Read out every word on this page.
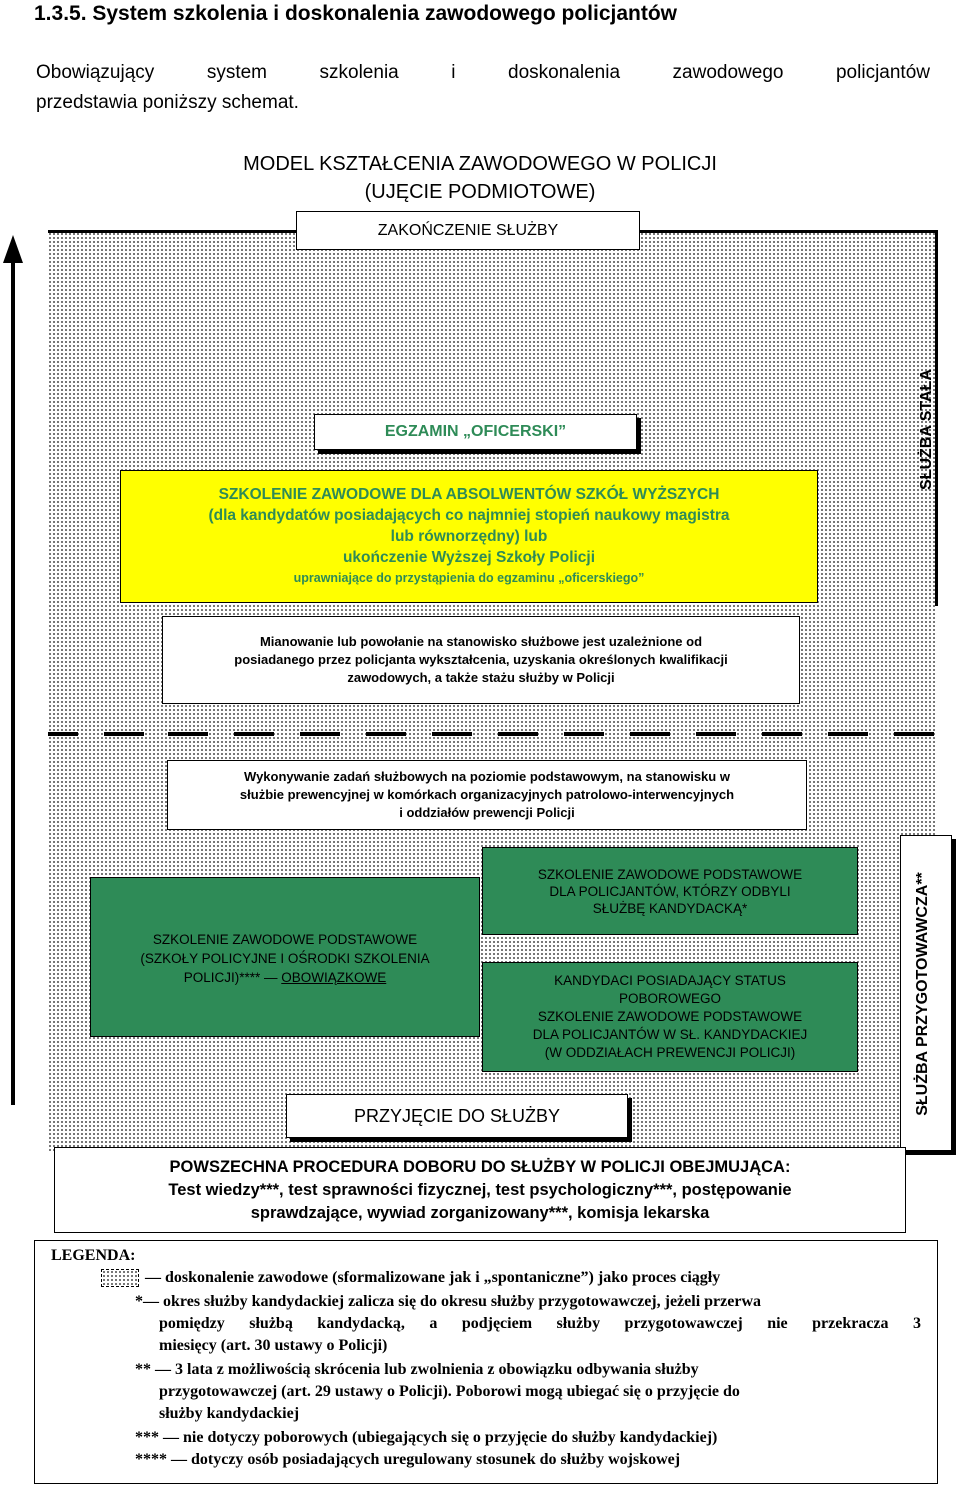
1.3.5. System szkolenia i doskonalenia zawodowego policjantów
Obowiązujący system szkolenia i doskonalenia zawodowego policjantów
przedstawia poniższy schemat.
MODEL KSZTAŁCENIA ZAWODOWEGO W POLICJI
(UJĘCIE PODMIOTOWE)
ZAKOŃCZENIE SŁUŻBY
SŁUŻBA STAŁA
EGZAMIN „OFICERSKI”
SZKOLENIE ZAWODOWE DLA ABSOLWENTÓW SZKÓŁ WYŻSZYCH
(dla kandydatów posiadających co najmniej stopień naukowy magistra
lub równorzędny) lub
ukończenie Wyższej Szkoły Policji
uprawniające do przystąpienia do egzaminu „oficerskiego”
Mianowanie lub powołanie na stanowisko służbowe jest uzależnione od
posiadanego przez policjanta wykształcenia, uzyskania określonych kwalifikacji
zawodowych, a także stażu służby w Policji
Wykonywanie zadań służbowych na poziomie podstawowym, na stanowisku w
służbie prewencyjnej w komórkach organizacyjnych patrolowo-interwencyjnych
i oddziałów prewencji Policji
SZKOLENIE ZAWODOWE PODSTAWOWE
DLA POLICJANTÓW, KTÓRZY ODBYLI
SŁUŻBĘ KANDYDACKĄ*
SZKOLENIE ZAWODOWE PODSTAWOWE
(SZKOŁY POLICYJNE I OŚRODKI SZKOLENIA
POLICJI)**** — OBOWIĄZKOWE	KANDYDACI POSIADAJĄCY STATUS
POBOROWEGO
SZKOLENIE ZAWODOWE PODSTAWOWE
DLA POLICJANTÓW W SŁ. KANDYDACKIEJ
(W ODDZIAŁACH PREWENCJI POLICJI)	SŁUŻBA PRZYGOTOWAWCZA**
PRZYJĘCIE DO SŁUŻBY
POWSZECHNA PROCEDURA DOBORU DO SŁUŻBY W POLICJI OBEJMUJĄCA:
Test wiedzy***, test sprawności fizycznej, test psychologiczny***, postępowanie
sprawdzające, wywiad zorganizowany***, komisja lekarska
LEGENDA:
— doskonalenie zawodowe (sformalizowane jak i „spontaniczne”) jako proces ciągły
*— okres służby kandydackiej zalicza się do okresu służby przygotowawczej, jeżeli przerwa
pomiędzy służbą kandydacką, a podjęciem służby przygotowawczej nie przekracza 3
miesięcy (art. 30 ustawy o Policji)
** — 3 lata z możliwością skrócenia lub zwolnienia z obowiązku odbywania służby
przygotowawczej (art. 29 ustawy o Policji). Poborowi mogą ubiegać się o przyjęcie do
służby kandydackiej
*** — nie dotyczy poborowych (ubiegających się o przyjęcie do służby kandydackiej)
**** — dotyczy osób posiadających uregulowany stosunek do służby wojskowej
